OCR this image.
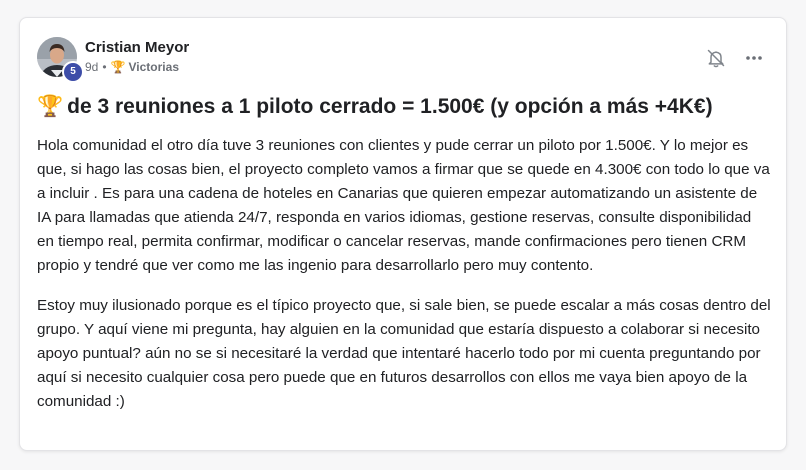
5
Cristian Meyor
9d • 🏆 Victorias
🏆 de 3 reuniones a 1 piloto cerrado = 1.500€ (y opción a más +4K€)

Hola comunidad el otro día tuve 3 reuniones con clientes y pude cerrar un piloto por 1.500€. Y lo mejor es que, si hago las cosas bien, el proyecto completo vamos a firmar que se quede en 4.300€ con todo lo que va a incluir . Es para una cadena de hoteles en Canarias que quieren empezar automatizando un asistente de IA para llamadas que atienda 24/7, responda en varios idiomas, gestione reservas, consulte disponibilidad en tiempo real, permita confirmar, modificar o cancelar reservas, mande confirmaciones pero tienen CRM propio y tendré que ver como me las ingenio para desarrollarlo pero muy contento.

Estoy muy ilusionado porque es el típico proyecto que, si sale bien, se puede escalar a más cosas dentro del grupo. Y aquí viene mi pregunta, hay alguien en la comunidad que estaría dispuesto a colaborar si necesito apoyo puntual? aún no se si necesitaré la verdad que intentaré hacerlo todo por mi cuenta preguntando por aquí si necesito cualquier cosa pero puede que en futuros desarrollos con ellos me vaya bien apoyo de la comunidad :)
